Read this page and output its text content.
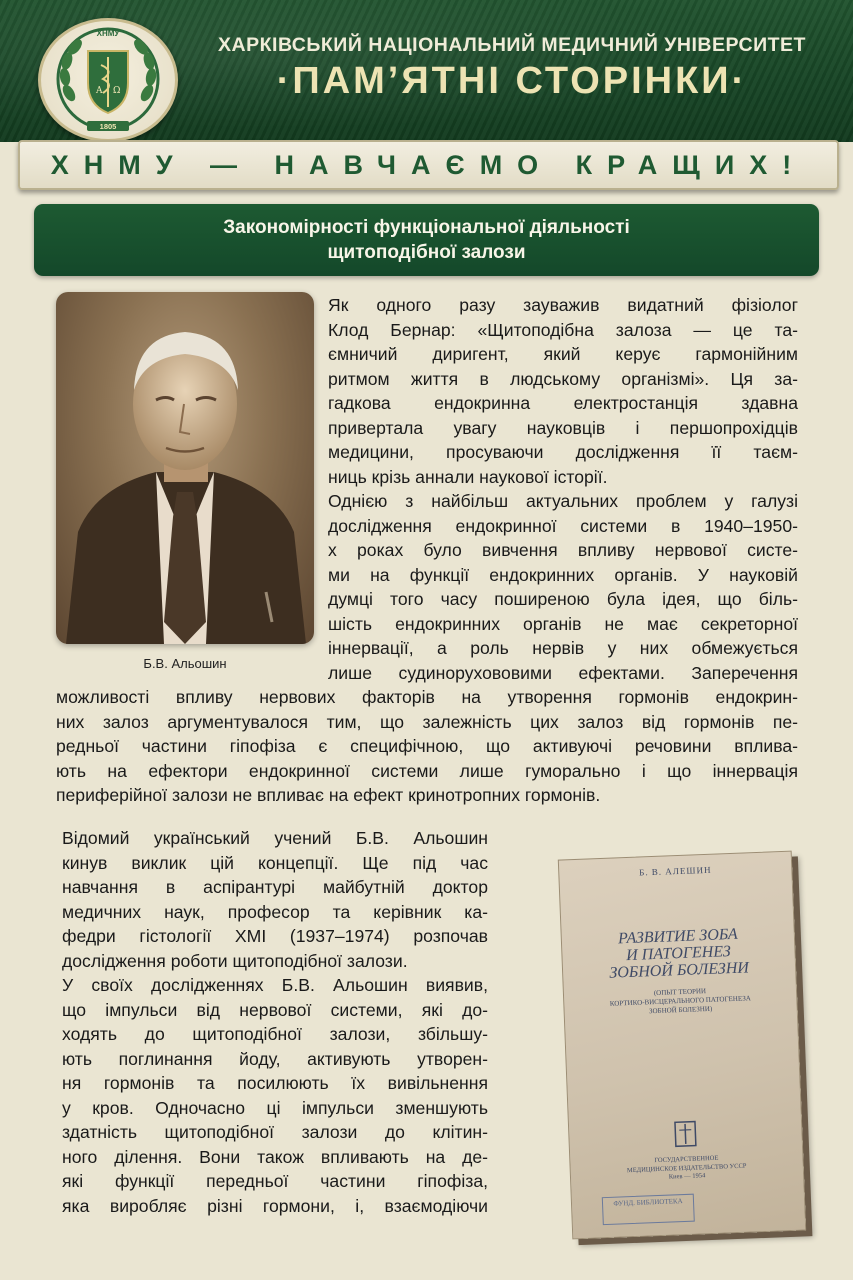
Α Ω
ХНМУ
1805
ХАРКІВСЬКИЙ НАЦІОНАЛЬНИЙ МЕДИЧНИЙ УНІВЕРСИТЕТ
·ПАМ’ЯТНІ СТОРІНКИ·
ХНМУ — НАВЧАЄМО КРАЩИХ!
Закономірності функціональної діяльності
щитоподібної залози
Б.В. Альошин
Як одного разу зауважив видатний фізіолог
Клод Бернар: «Щитоподібна залоза — це та-
ємничий диригент, який керує гармонійним
ритмом життя в людському організмі». Ця за-
гадкова ендокринна електростанція здавна
привертала увагу науковців і першопрохідців
медицини, просуваючи дослідження її таєм-
ниць крізь аннали наукової історії.
Однією з найбільш актуальних проблем у галузі
дослідження ендокринної системи в 1940–1950-
х роках було вивчення впливу нервової систе-
ми на функції ендокринних органів. У науковій
думці того часу поширеною була ідея, що біль-
шість ендокринних органів не має секреторної
іннервації, а роль нервів у них обмежується
лише судинорухововими ефектами. Заперечення
можливості впливу нервових факторів на утворення гормонів ендокрин-
них залоз аргументувалося тим, що залежність цих залоз від гормонів пе-
редньої частини гіпофіза є специфічною, що активуючі речовини вплива-
ють на ефектори ендокринної системи лише гуморально і що іннервація
периферійної залози не впливає на ефект кринотропних гормонів.
Відомий український учений Б.В. Альошин
кинув виклик цій концепції. Ще під час
навчання в аспірантурі майбутній доктор
медичних наук, професор та керівник ка-
федри гістології ХМІ (1937–1974) розпочав
дослідження роботи щитоподібної залози.
У своїх дослідженнях Б.В. Альошин виявив,
що імпульси від нервової системи, які до-
ходять до щитоподібної залози, збільшу-
ють поглинання йоду, активують утворен-
ня гормонів та посилюють їх вивільнення
у кров. Одночасно ці імпульси зменшують
здатність щитоподібної залози до клітин-
ного ділення. Вони також впливають на де-
які функції передньої частини гіпофіза,
яка виробляє різні гормони, і, взаємодіючи
Б. В. АЛЕШИН
РАЗВИТИЕ ЗОБА
И ПАТОГЕНЕЗ
ЗОБНОЙ БОЛЕЗНИ
(ОПЫТ ТЕОРИИ
КОРТИКО-ВИСЦЕРАЛЬНОГО ПАТОГЕНЕЗА
ЗОБНОЙ БОЛЕЗНИ)
ГОСУДАРСТВЕННОЕ
МЕДИЦИНСКОЕ ИЗДАТЕЛЬСТВО УССР
Киев — 1954
ФУНД. БИБЛИОТЕКА
